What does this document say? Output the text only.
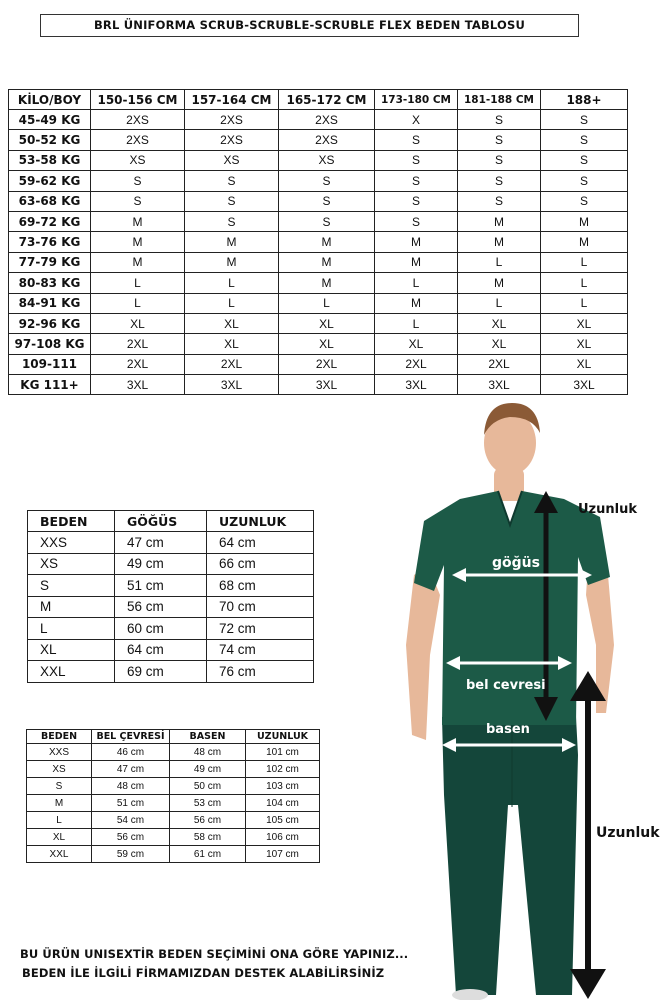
BRL ÜNIFORMA SCRUB-SCRUBLE-SCRUBLE FLEX BEDEN TABLOSU
KİLO/BOY	150-156 CM	157-164 CM	165-172 CM	173-180 CM	181-188 CM	188+
45-49 KG	2XS	2XS	2XS	X	S	S
50-52 KG	2XS	2XS	2XS	S	S	S
53-58 KG	XS	XS	XS	S	S	S
59-62 KG	S	S	S	S	S	S
63-68 KG	S	S	S	S	S	S
69-72 KG	M	S	S	S	M	M
73-76 KG	M	M	M	M	M	M
77-79 KG	M	M	M	M	L	L
80-83 KG	L	L	M	L	M	L
84-91 KG	L	L	L	M	L	L
92-96 KG	XL	XL	XL	L	XL	XL
97-108 KG	2XL	XL	XL	XL	XL	XL
109-111	2XL	2XL	2XL	2XL	2XL	XL
KG 111+	3XL	3XL	3XL	3XL	3XL	3XL
BEDEN	GÖĞÜS	UZUNLUK
XXS	47 cm	64 cm
XS	49 cm	66 cm
S	51 cm	68 cm
M	56 cm	70 cm
L	60 cm	72 cm
XL	64 cm	74 cm
XXL	69 cm	76 cm
BEDEN	BEL ÇEVRESİ	BASEN	UZUNLUK
XXS	46 cm	48 cm	101 cm
XS	47 cm	49 cm	102 cm
S	48 cm	50 cm	103 cm
M	51 cm	53 cm	104 cm
L	54 cm	56 cm	105 cm
XL	56 cm	58 cm	106 cm
XXL	59 cm	61 cm	107 cm
Uzunluk
göğüs
bel cevresi
basen
Uzunluk
BU ÜRÜN UNISEXTİR BEDEN SEÇİMİNİ ONA GÖRE YAPINIZ...
BEDEN İLE İLGİLİ FİRMAMIZDAN DESTEK ALABİLİRSİNİZ
